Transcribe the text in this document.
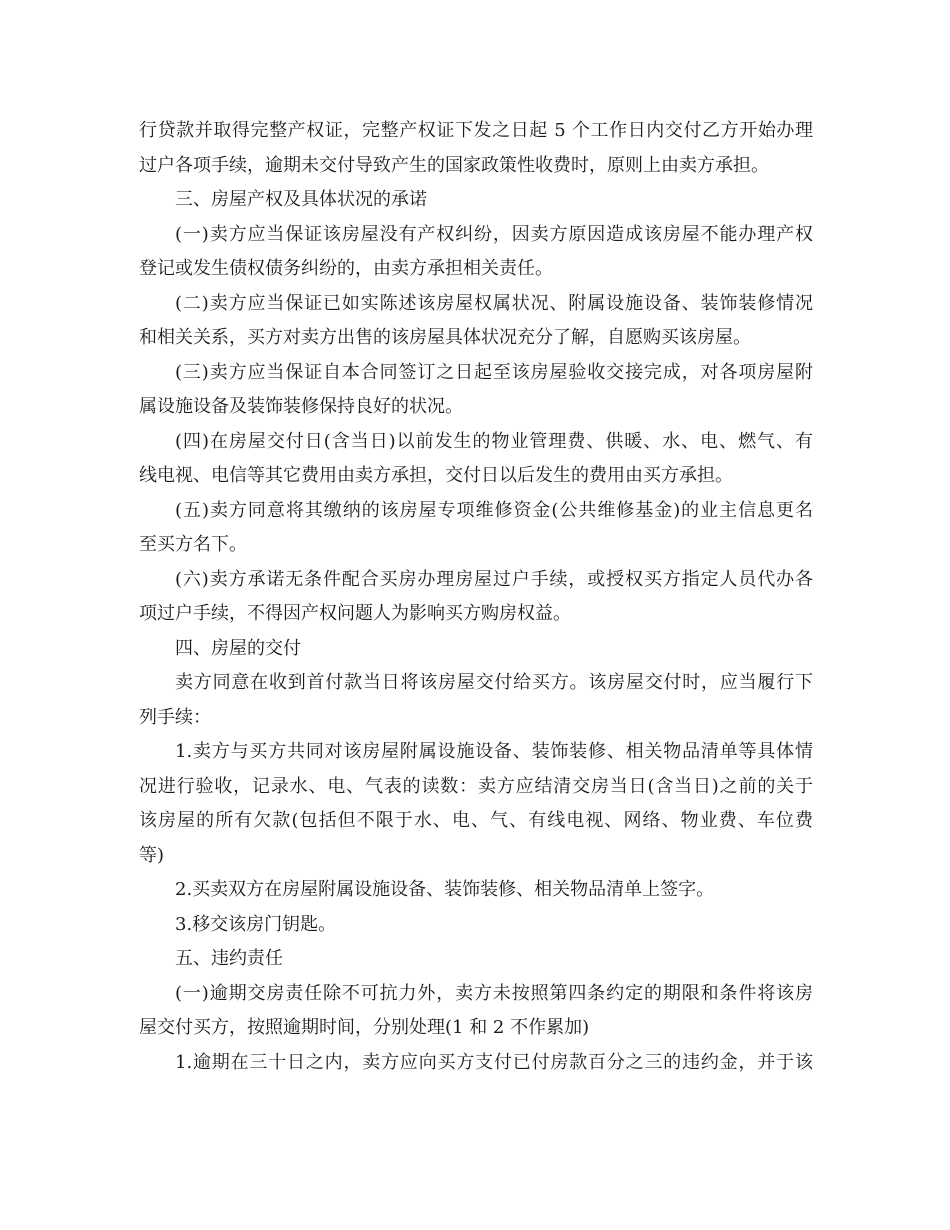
行贷款并取得完整产权证，完整产权证下发之日起 5 个工作日内交付乙方开始办理

过户各项手续，逾期未交付导致产生的国家政策性收费时，原则上由卖方承担。

三、房屋产权及具体状况的承诺

(一)卖方应当保证该房屋没有产权纠纷，因卖方原因造成该房屋不能办理产权

登记或发生债权债务纠纷的，由卖方承担相关责任。

(二)卖方应当保证已如实陈述该房屋权属状况、附属设施设备、装饰装修情况

和相关关系，买方对卖方出售的该房屋具体状况充分了解，自愿购买该房屋。

(三)卖方应当保证自本合同签订之日起至该房屋验收交接完成，对各项房屋附

属设施设备及装饰装修保持良好的状况。

(四)在房屋交付日(含当日)以前发生的物业管理费、供暖、水、电、燃气、有

线电视、电信等其它费用由卖方承担，交付日以后发生的费用由买方承担。

(五)卖方同意将其缴纳的该房屋专项维修资金(公共维修基金)的业主信息更名

至买方名下。

(六)卖方承诺无条件配合买房办理房屋过户手续，或授权买方指定人员代办各

项过户手续，不得因产权问题人为影响买方购房权益。

四、房屋的交付

卖方同意在收到首付款当日将该房屋交付给买方。该房屋交付时，应当履行下

列手续：

1.卖方与买方共同对该房屋附属设施设备、装饰装修、相关物品清单等具体情

况进行验收，记录水、电、气表的读数：卖方应结清交房当日(含当日)之前的关于

该房屋的所有欠款(包括但不限于水、电、气、有线电视、网络、物业费、车位费

等)

2.买卖双方在房屋附属设施设备、装饰装修、相关物品清单上签字。

3.移交该房门钥匙。

五、违约责任

(一)逾期交房责任除不可抗力外，卖方未按照第四条约定的期限和条件将该房

屋交付买方，按照逾期时间，分别处理(1 和 2 不作累加)

1.逾期在三十日之内，卖方应向买方支付已付房款百分之三的违约金，并于该
